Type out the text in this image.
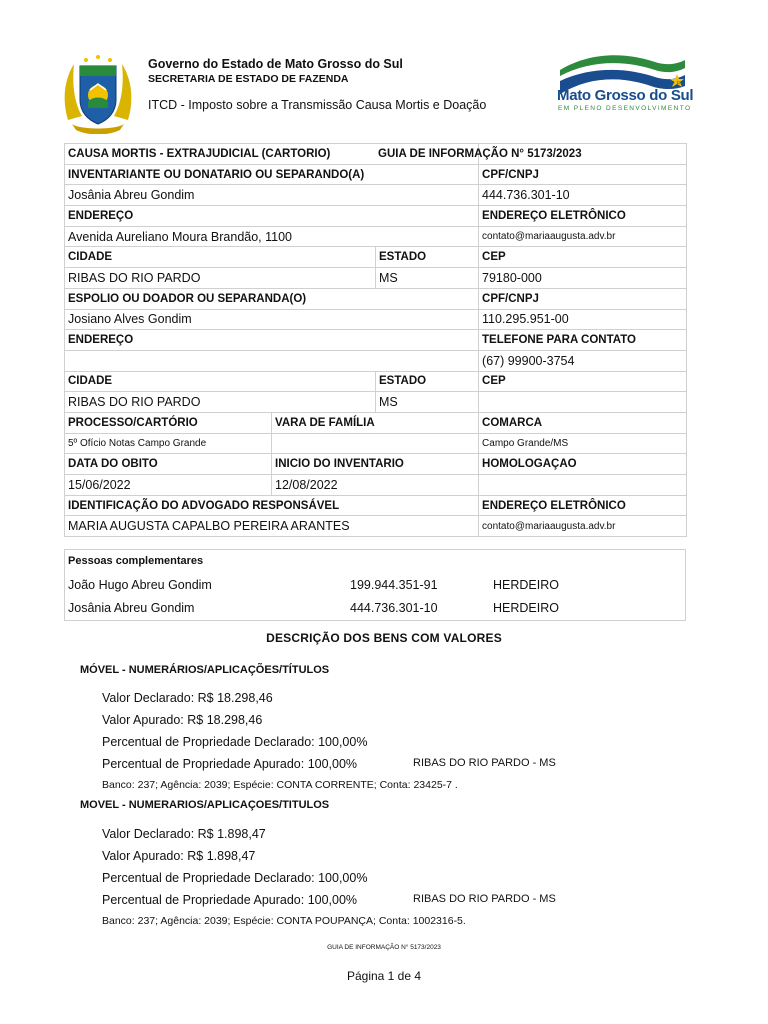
Governo do Estado de Mato Grosso do Sul
SECRETARIA DE ESTADO DE FAZENDA
ITCD - Imposto sobre a Transmissão Causa Mortis e Doação
GOVERNO DE
Mato Grosso do Sul
EM PLENO DESENVOLVIMENTO
CAUSA MORTIS - EXTRAJUDICIAL (CARTORIO)	GUIA DE INFORMAÇÃO N° 5173/2023
INVENTARIANTE OU DONATARIO OU SEPARANDO(A)	CPF/CNPJ
Josânia Abreu Gondim	444.736.301-10
ENDEREÇO	ENDEREÇO ELETRÔNICO
Avenida Aureliano Moura Brandão, 1100	contato@mariaaugusta.adv.br
CIDADE	ESTADO	CEP
RIBAS DO RIO PARDO	MS	79180-000
ESPOLIO OU DOADOR OU SEPARANDA(O)	CPF/CNPJ
Josiano Alves Gondim	110.295.951-00
ENDEREÇO	TELEFONE PARA CONTATO
	(67) 99900-3754
CIDADE	ESTADO	CEP
RIBAS DO RIO PARDO	MS	
PROCESSO/CARTÓRIO	VARA DE FAMÍLIA	COMARCA
5º Ofício Notas Campo Grande		Campo Grande/MS
DATA DO OBITO	INICIO DO INVENTARIO	HOMOLOGAÇAO
15/06/2022	12/08/2022	
IDENTIFICAÇÃO DO ADVOGADO RESPONSÁVEL	ENDEREÇO ELETRÔNICO
MARIA AUGUSTA CAPALBO PEREIRA ARANTES	contato@mariaaugusta.adv.br
Pessoas complementares
João Hugo Abreu Gondim	199.944.351-91	HERDEIRO
Josânia Abreu Gondim	444.736.301-10	HERDEIRO
DESCRIÇÃO DOS BENS COM VALORES
MÓVEL - NUMERÁRIOS/APLICAÇÕES/TÍTULOS
Valor Declarado: R$ 18.298,46
Valor Apurado: R$ 18.298,46
Percentual de Propriedade Declarado: 100,00%
Percentual de Propriedade Apurado: 100,00%	RIBAS DO RIO PARDO - MS
Banco: 237; Agência: 2039; Espécie: CONTA CORRENTE; Conta: 23425-7 .
MOVEL - NUMERARIOS/APLICAÇOES/TITULOS
Valor Declarado: R$ 1.898,47
Valor Apurado: R$ 1.898,47
Percentual de Propriedade Declarado: 100,00%
Percentual de Propriedade Apurado: 100,00%	RIBAS DO RIO PARDO - MS
Banco: 237; Agência: 2039; Espécie: CONTA POUPANÇA; Conta: 1002316-5.
GUIA DE INFORMAÇÃO N° 5173/2023
Página 1 de 4
